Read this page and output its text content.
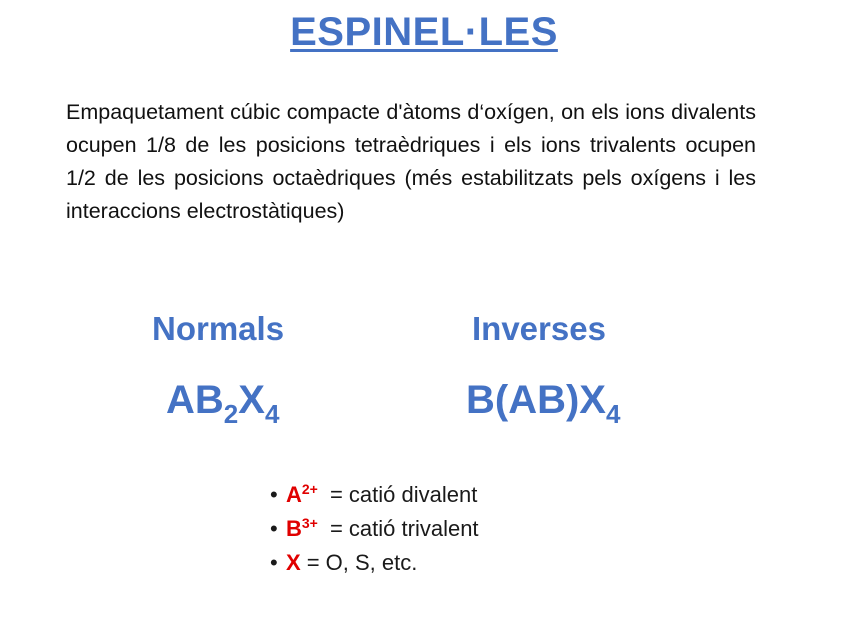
ESPINEL·LES
Empaquetament cúbic compacte d'àtoms d‘oxígen, on els ions divalents ocupen 1/8 de les posicions tetraèdriques i els ions trivalents ocupen 1/2 de les posicions octaèdriques (més estabilitzats pels oxígens i les interaccions electrostàtiques)
Normals	Inverses
$AB_2X_4$	$B(AB)X_4$
• $A^{2+}$ = catió divalent
• $B^{3+}$ = catió trivalent
• X = O, S, etc.
